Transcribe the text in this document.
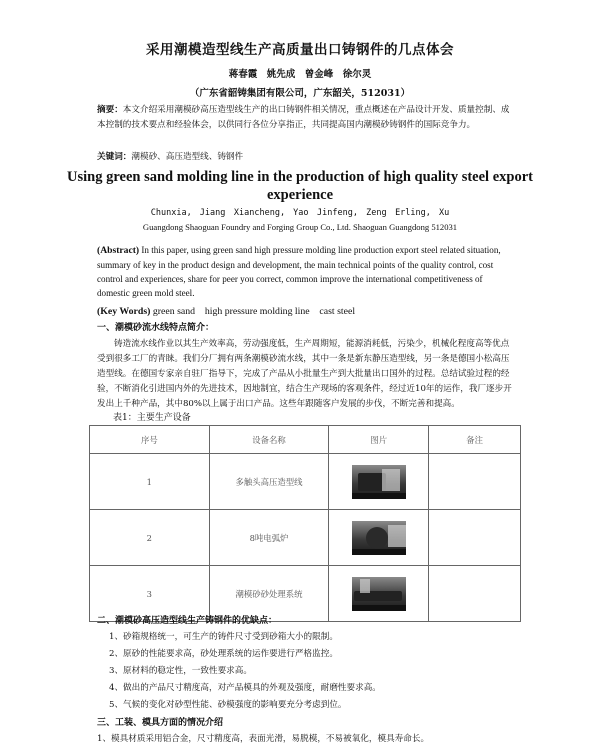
采用潮模造型线生产高质量出口铸钢件的几点体会
蒋春霞　姚先成　曾金峰　徐尔灵
（广东省韶铸集团有限公司，广东韶关，512031）
摘要：本文介绍采用潮模砂高压造型线生产的出口铸钢件相关情况，重点概述在产品设计开发、质量控制、成本控制的技术要点和经验体会，以供同行各位分享指正，共同提高国内潮模砂铸钢件的国际竞争力。
关键词：潮模砂、高压造型线、铸钢件
Using green sand molding line in the production of high quality steel export experience
Chunxia, Jiang　Xiancheng, Yao　Jinfeng, Zeng　Erling, Xu
Guangdong Shaoguan Foundry and Forging Group Co., Ltd. Shaoguan Guangdong 512031
(Abstract) In this paper, using green sand high pressure molding line production export steel related situation, summary of key in the product design and development, the main technical points of the quality control, cost control and experiences, share for peer you correct, common improve the international competitiveness of domestic green mold steel.
(Key Words) green sand　high pressure molding line　cast steel
一、潮模砂流水线特点简介：
铸造流水线作业以其生产效率高，劳动强度低，生产周期短，能源消耗低，污染少，机械化程度高等优点受到很多工厂的青睐。我们分厂拥有两条潮模砂流水线，其中一条是新东静压造型线，另一条是德国小松高压造型线。在德国专家亲自驻厂指导下，完成了产品从小批量生产到大批量出口国外的过程。总结试验过程的经验，不断消化引进国内外的先进技术，因地制宜，结合生产现场的客观条件，经过近10年的运作，我厂逐步开发出上千种产品，其中80%以上属于出口产品。这些年跟随客户发展的步伐，不断完善和提高。
表1：主要生产设备
序号	设备名称	图片	备注
1	多触头高压造型线	

2	8吨电弧炉	

3	潮模砂砂处理系统	

二、潮模砂高压造型线生产铸钢件的优缺点：
1、砂箱规格统一，可生产的铸件尺寸受到砂箱大小的限制。
2、原砂的性能要求高，砂处理系统的运作要进行严格监控。
3、原材料的稳定性，一致性要求高。
4、做出的产品尺寸精度高，对产品模具的外观及强度，耐磨性要求高。
5、气候的变化对砂型性能、砂模强度的影响要充分考虑到位。
三、工装、模具方面的情况介绍
1、模具材质采用铝合金，尺寸精度高，表面光滑，易脱模，不易被氧化，模具寿命长。
